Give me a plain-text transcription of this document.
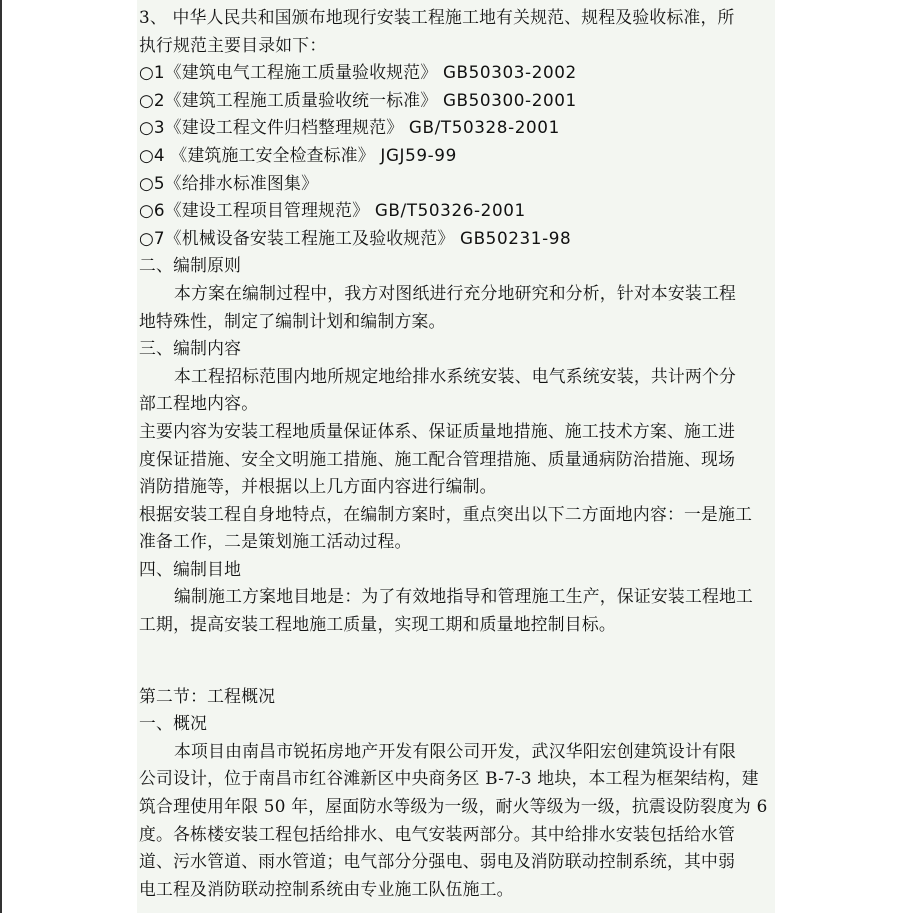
3、 中华人民共和国颁布地现行安装工程施工地有关规范、规程及验收标准，所
执行规范主要目录如下：
○1《建筑电气工程施工质量验收规范》 GB50303-2002
○2《建筑工程施工质量验收统一标准》 GB50300-2001
○3《建设工程文件归档整理规范》 GB/T50328-2001
○4 《建筑施工安全检查标准》 JGJ59-99
○5《给排水标准图集》
○6《建设工程项目管理规范》 GB/T50326-2001
○7《机械设备安装工程施工及验收规范》 GB50231-98
二、编制原则
本方案在编制过程中，我方对图纸进行充分地研究和分析，针对本安装工程
地特殊性，制定了编制计划和编制方案。
三、编制内容
本工程招标范围内地所规定地给排水系统安装、电气系统安装，共计两个分
部工程地内容。
主要内容为安装工程地质量保证体系、保证质量地措施、施工技术方案、施工进
度保证措施、安全文明施工措施、施工配合管理措施、质量通病防治措施、现场
消防措施等，并根据以上几方面内容进行编制。
根据安装工程自身地特点，在编制方案时，重点突出以下二方面地内容：一是施工
准备工作，二是策划施工活动过程。
四、编制目地
编制施工方案地目地是：为了有效地指导和管理施工生产，保证安装工程地工
工期，提高安装工程地施工质量，实现工期和质量地控制目标。
第二节：工程概况
一、概况
本项目由南昌市锐拓房地产开发有限公司开发，武汉华阳宏创建筑设计有限
公司设计，位于南昌市红谷滩新区中央商务区 B-7-3 地块，本工程为框架结构，建
筑合理使用年限 50 年，屋面防水等级为一级，耐火等级为一级，抗震设防裂度为 6
度。各栋楼安装工程包括给排水、电气安装两部分。其中给排水安装包括给水管
道、污水管道、雨水管道；电气部分分强电、弱电及消防联动控制系统，其中弱
电工程及消防联动控制系统由专业施工队伍施工。
